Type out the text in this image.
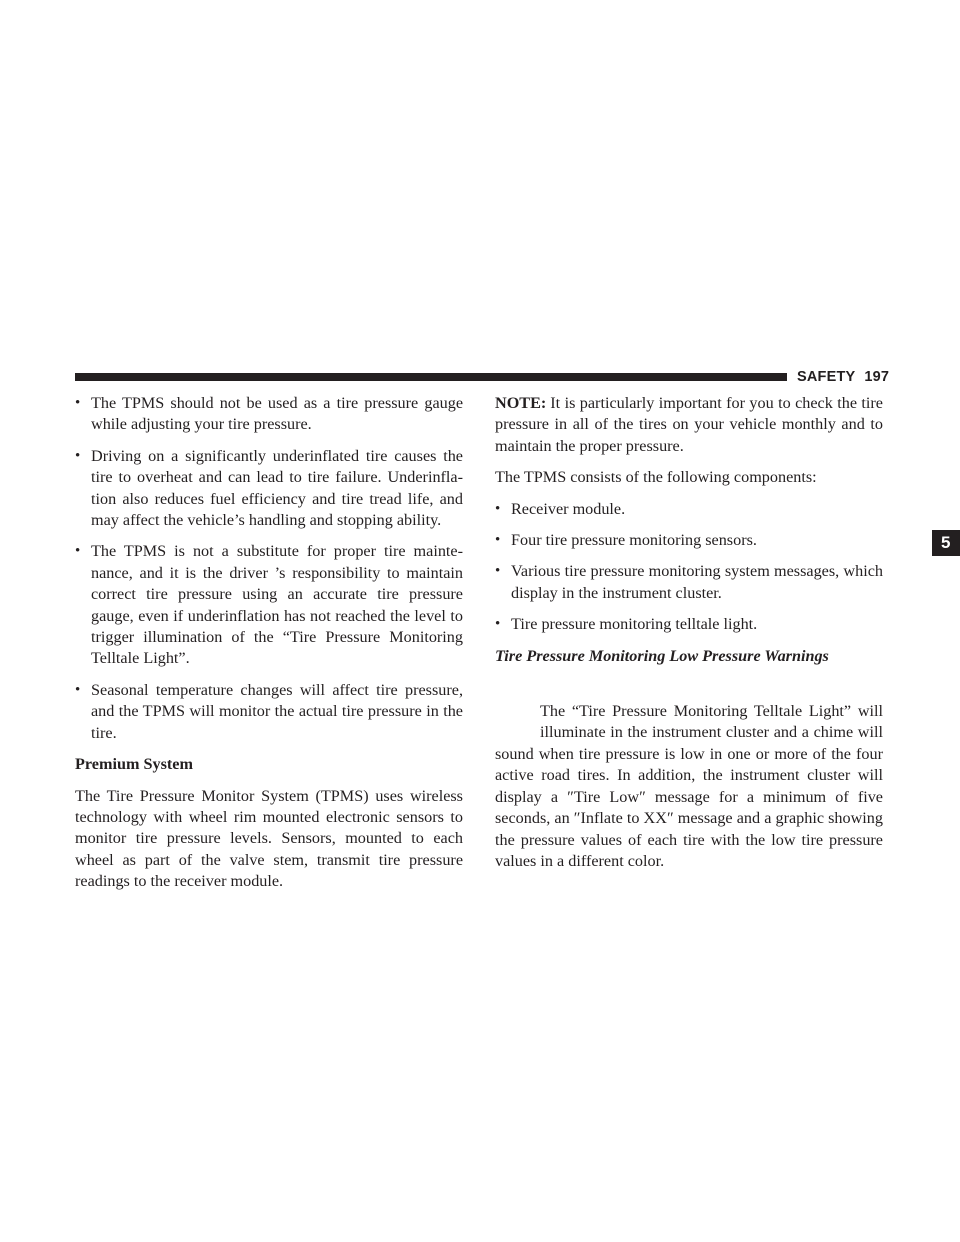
SAFETY 197
5
• The TPMS should not be used as a tire pressure gauge while adjusting your tire pressure.
• Driving on a significantly underinflated tire causes the tire to overheat and can lead to tire failure. Underinfla-tion also reduces fuel efficiency and tire tread life, and may affect the vehicle’s handling and stopping ability.
• The TPMS is not a substitute for proper tire mainte-nance, and it is the driver ’s responsibility to maintain correct tire pressure using an accurate tire pressure gauge, even if underinflation has not reached the level to trigger illumination of the “Tire Pressure Monitoring Telltale Light”.
• Seasonal temperature changes will affect tire pressure, and the TPMS will monitor the actual tire pressure in the tire.

Premium System

The Tire Pressure Monitor System (TPMS) uses wireless technology with wheel rim mounted electronic sensors to monitor tire pressure levels. Sensors, mounted to each wheel as part of the valve stem, transmit tire pressure readings to the receiver module.

NOTE: It is particularly important for you to check the tire pressure in all of the tires on your vehicle monthly and to maintain the proper pressure.

The TPMS consists of the following components:

• Receiver module.
• Four tire pressure monitoring sensors.
• Various tire pressure monitoring system messages, which display in the instrument cluster.
• Tire pressure monitoring telltale light.

Tire Pressure Monitoring Low Pressure Warnings

The “Tire Pressure Monitoring Telltale Light” will illuminate in the instrument cluster and a chime will sound when tire pressure is low in one or more of the four active road tires. In addition, the instrument cluster will display a ″Tire Low″ message for a minimum of five seconds, an ″Inflate to XX″ message and a graphic showing the pressure values of each tire with the low tire pressure values in a different color.
